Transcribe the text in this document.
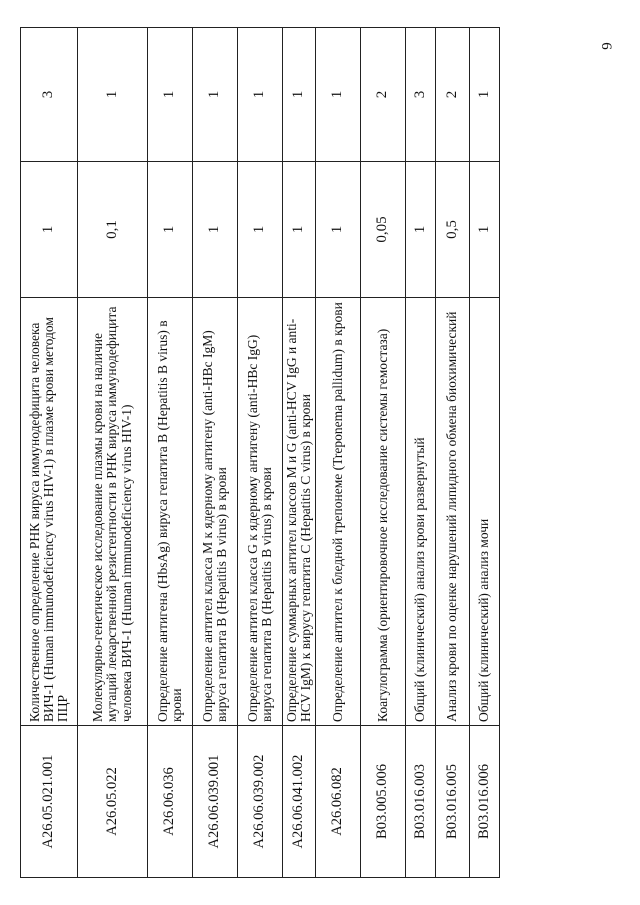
6
A26.05.021.001	Количественное определение РНК вируса иммунодефицита человека ВИЧ-1 (Human immunodeficiency virus HIV-1) в плазме крови методом ПЦР	1	3
A26.05.022	Молекулярно-генетическое исследование плазмы крови на наличие мутаций лекарственной резистентности в РНК вируса иммунодефицита человека ВИЧ-1 (Human immunodeficiency virus HIV-1)	0,1	1
A26.06.036	Определение антигена (HbsAg) вируса гепатита В (Hepatitis B virus) в крови	1	1
A26.06.039.001	Определение антител класса М к ядерному антигену (anti-HBc IgM) вируса гепатита В (Hepatitis B virus) в крови	1	1
A26.06.039.002	Определение антител класса G к ядерному антигену (anti-HBc IgG) вируса гепатита В (Hepatitis B virus) в крови	1	1
A26.06.041.002	Определение суммарных антител классов M и G (anti-HCV IgG и anti-HCV IgM) к вирусу гепатита С (Hepatitis C virus) в крови	1	1
A26.06.082	Определение антител к бледной трепонеме (Treponema pallidum) в крови	1	1
B03.005.006	Коагулограмма (ориентировочное исследование системы гемостаза)	0,05	2
B03.016.003	Общий (клинический) анализ крови развернутый	1	3
B03.016.005	Анализ крови по оценке нарушений липидного обмена биохимический	0,5	2
B03.016.006	Общий (клинический) анализ мочи	1	1
